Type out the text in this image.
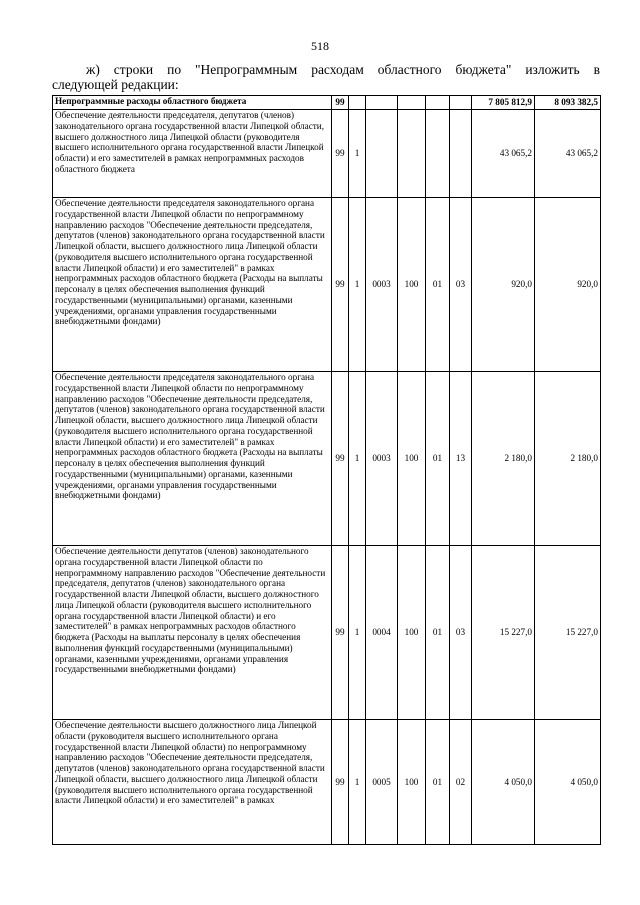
518
ж) строки по "Непрограммным расходам областного бюджета" изложить в
следующей редакции:
Непрограммные расходы областного бюджета	99						7 805 812,9	8 093 382,5
Обеспечение деятельности председателя, депутатов (членов) законодательного органа государственной власти Липецкой области, высшего должностного лица Липецкой области (руководителя высшего исполнительного органа государственной власти Липецкой области) и его заместителей в рамках непрограммных расходов областного бюджета	99	1					43 065,2	43 065,2
Обеспечение деятельности председателя законодательного органа государственной власти Липецкой области по непрограммному направлению расходов "Обеспечение деятельности председателя, депутатов (членов) законодательного органа государственной власти Липецкой области, высшего должностного лица Липецкой области (руководителя высшего исполнительного органа государственной власти Липецкой области) и его заместителей" в рамках непрограммных расходов областного бюджета (Расходы на выплаты персоналу в целях обеспечения выполнения функций государственными (муниципальными) органами, казенными учреждениями, органами управления государственными внебюджетными фондами)	99	1	0003	100	01	03	920,0	920,0
Обеспечение деятельности председателя законодательного органа государственной власти Липецкой области по непрограммному направлению расходов "Обеспечение деятельности председателя, депутатов (членов) законодательного органа государственной власти Липецкой области, высшего должностного лица Липецкой области (руководителя высшего исполнительного органа государственной власти Липецкой области) и его заместителей" в рамках непрограммных расходов областного бюджета (Расходы на выплаты персоналу в целях обеспечения выполнения функций государственными (муниципальными) органами, казенными учреждениями, органами управления государственными внебюджетными фондами)	99	1	0003	100	01	13	2 180,0	2 180,0
Обеспечение деятельности депутатов (членов) законодательного органа государственной власти Липецкой области по непрограммному направлению расходов "Обеспечение деятельности председателя, депутатов (членов) законодательного органа государственной власти Липецкой области, высшего должностного лица Липецкой области (руководителя высшего исполнительного органа государственной власти Липецкой области) и его заместителей" в рамках непрограммных расходов областного бюджета (Расходы на выплаты персоналу в целях обеспечения выполнения функций государственными (муниципальными) органами, казенными учреждениями, органами управления государственными внебюджетными фондами)	99	1	0004	100	01	03	15 227,0	15 227,0
Обеспечение деятельности высшего должностного лица Липецкой области (руководителя высшего исполнительного органа государственной власти Липецкой области) по непрограммному направлению расходов "Обеспечение деятельности председателя, депутатов (членов) законодательного органа государственной власти Липецкой области, высшего должностного лица Липецкой области (руководителя высшего исполнительного органа государственной власти Липецкой области) и его заместителей" в рамках	99	1	0005	100	01	02	4 050,0	4 050,0
